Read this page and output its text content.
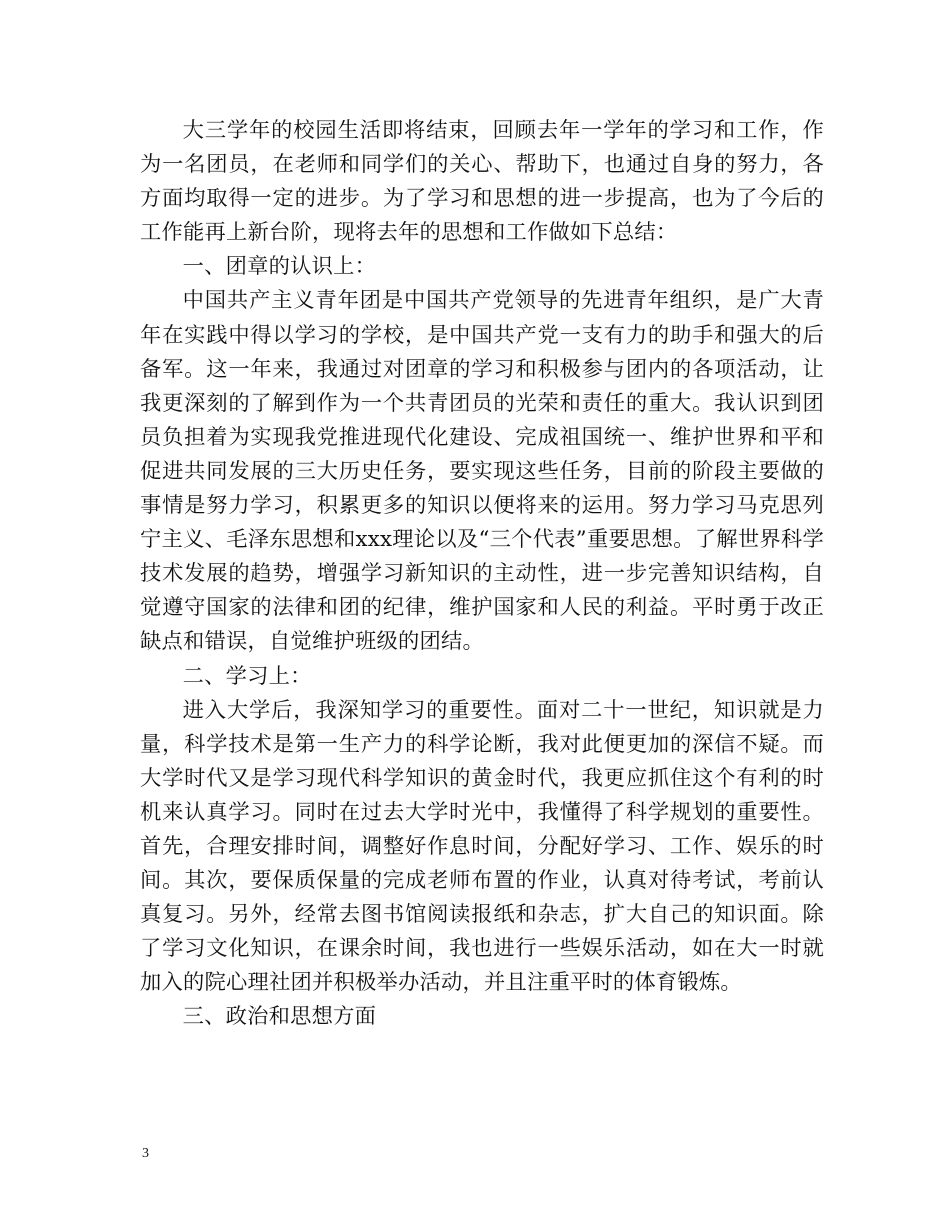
大三学年的校园生活即将结束，回顾去年一学年的学习和工作，作为一名团员，在老师和同学们的关心、帮助下，也通过自身的努力，各方面均取得一定的进步。为了学习和思想的进一步提高，也为了今后的工作能再上新台阶，现将去年的思想和工作做如下总结：

一、团章的认识上：

中国共产主义青年团是中国共产党领导的先进青年组织，是广大青年在实践中得以学习的学校，是中国共产党一支有力的助手和强大的后备军。这一年来，我通过对团章的学习和积极参与团内的各项活动，让我更深刻的了解到作为一个共青团员的光荣和责任的重大。我认识到团员负担着为实现我党推进现代化建设、完成祖国统一、维护世界和平和促进共同发展的三大历史任务，要实现这些任务，目前的阶段主要做的事情是努力学习，积累更多的知识以便将来的运用。努力学习马克思列宁主义、毛泽东思想和xxx理论以及“三个代表”重要思想。了解世界科学技术发展的趋势，增强学习新知识的主动性，进一步完善知识结构，自觉遵守国家的法律和团的纪律，维护国家和人民的利益。平时勇于改正缺点和错误，自觉维护班级的团结。

二、学习上：

进入大学后，我深知学习的重要性。面对二十一世纪，知识就是力量，科学技术是第一生产力的科学论断，我对此便更加的深信不疑。而大学时代又是学习现代科学知识的黄金时代，我更应抓住这个有利的时机来认真学习。同时在过去大学时光中，我懂得了科学规划的重要性。首先，合理安排时间，调整好作息时间，分配好学习、工作、娱乐的时间。其次，要保质保量的完成老师布置的作业，认真对待考试，考前认真复习。另外，经常去图书馆阅读报纸和杂志，扩大自己的知识面。除了学习文化知识，在课余时间，我也进行一些娱乐活动，如在大一时就加入的院心理社团并积极举办活动，并且注重平时的体育锻炼。

三、政治和思想方面

3
